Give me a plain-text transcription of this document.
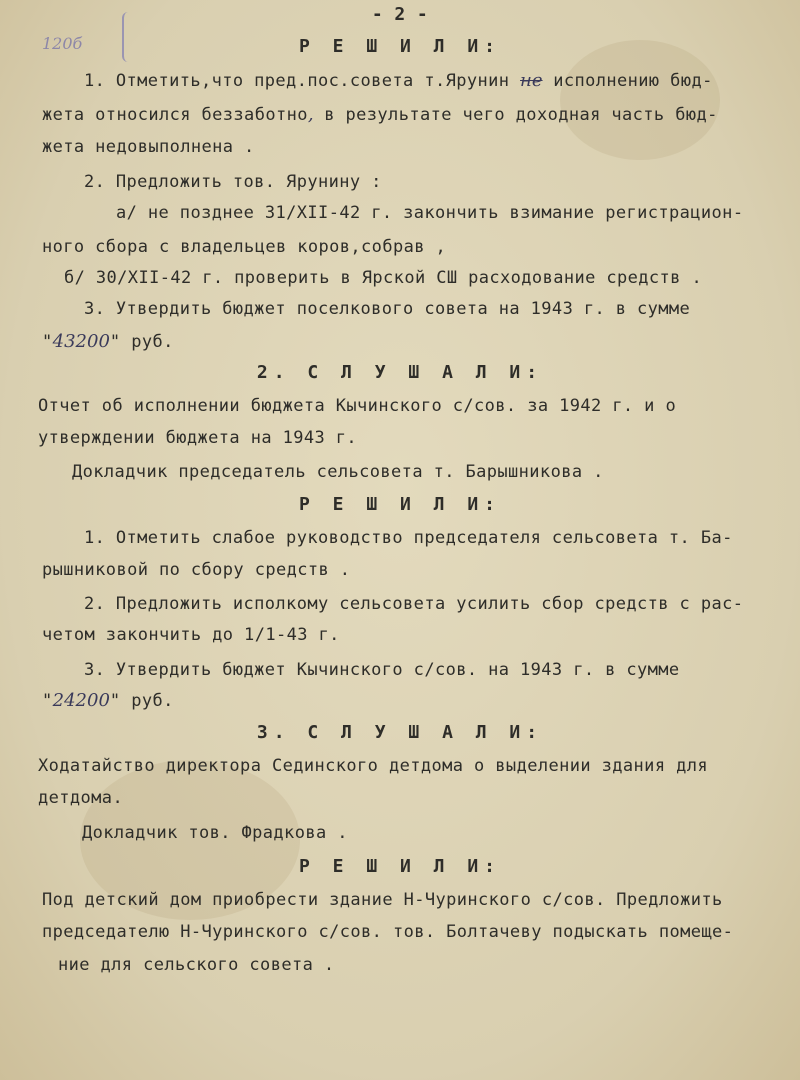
120б
- 2 -
Р Е Ш И Л И:
1. Отметить,что пред.пос.совета т.Ярунин не исполнению бюд-
жета относился беззаботно, в результате чего доходная часть бюд-
жета недовыполнена .
2. Предложить тов. Ярунину :
а/ не позднее 31/XII-42 г. закончить взимание регистрацион-
ного сбора с владельцев коров,собрав ,
б/ 30/XII-42 г. проверить в Ярской СШ расходование средств .
3. Утвердить бюджет поселкового совета на 1943 г. в сумме
"43200" руб.
2. С Л У Ш А Л И:
Отчет об исполнении бюджета Кычинского с/сов. за 1942 г. и о
утверждении бюджета на 1943 г.
Докладчик председатель сельсовета т. Барышникова .
Р Е Ш И Л И:
1. Отметить слабое руководство председателя сельсовета т. Ба-
рышниковой по сбору средств .
2. Предложить исполкому сельсовета усилить сбор средств с рас-
четом закончить до 1/1-43 г.
3. Утвердить бюджет Кычинского с/сов. на 1943 г. в сумме
"24200" руб.
3. С Л У Ш А Л И:
Ходатайство директора Сединского детдома о выделении здания для
детдома.
Докладчик тов. Фрадкова .
Р Е Ш И Л И:
Под детский дом приобрести здание Н-Чуринского с/сов. Предложить
председателю Н-Чуринского с/сов. тов. Болтачеву подыскать помеще-
ние для сельского совета .
